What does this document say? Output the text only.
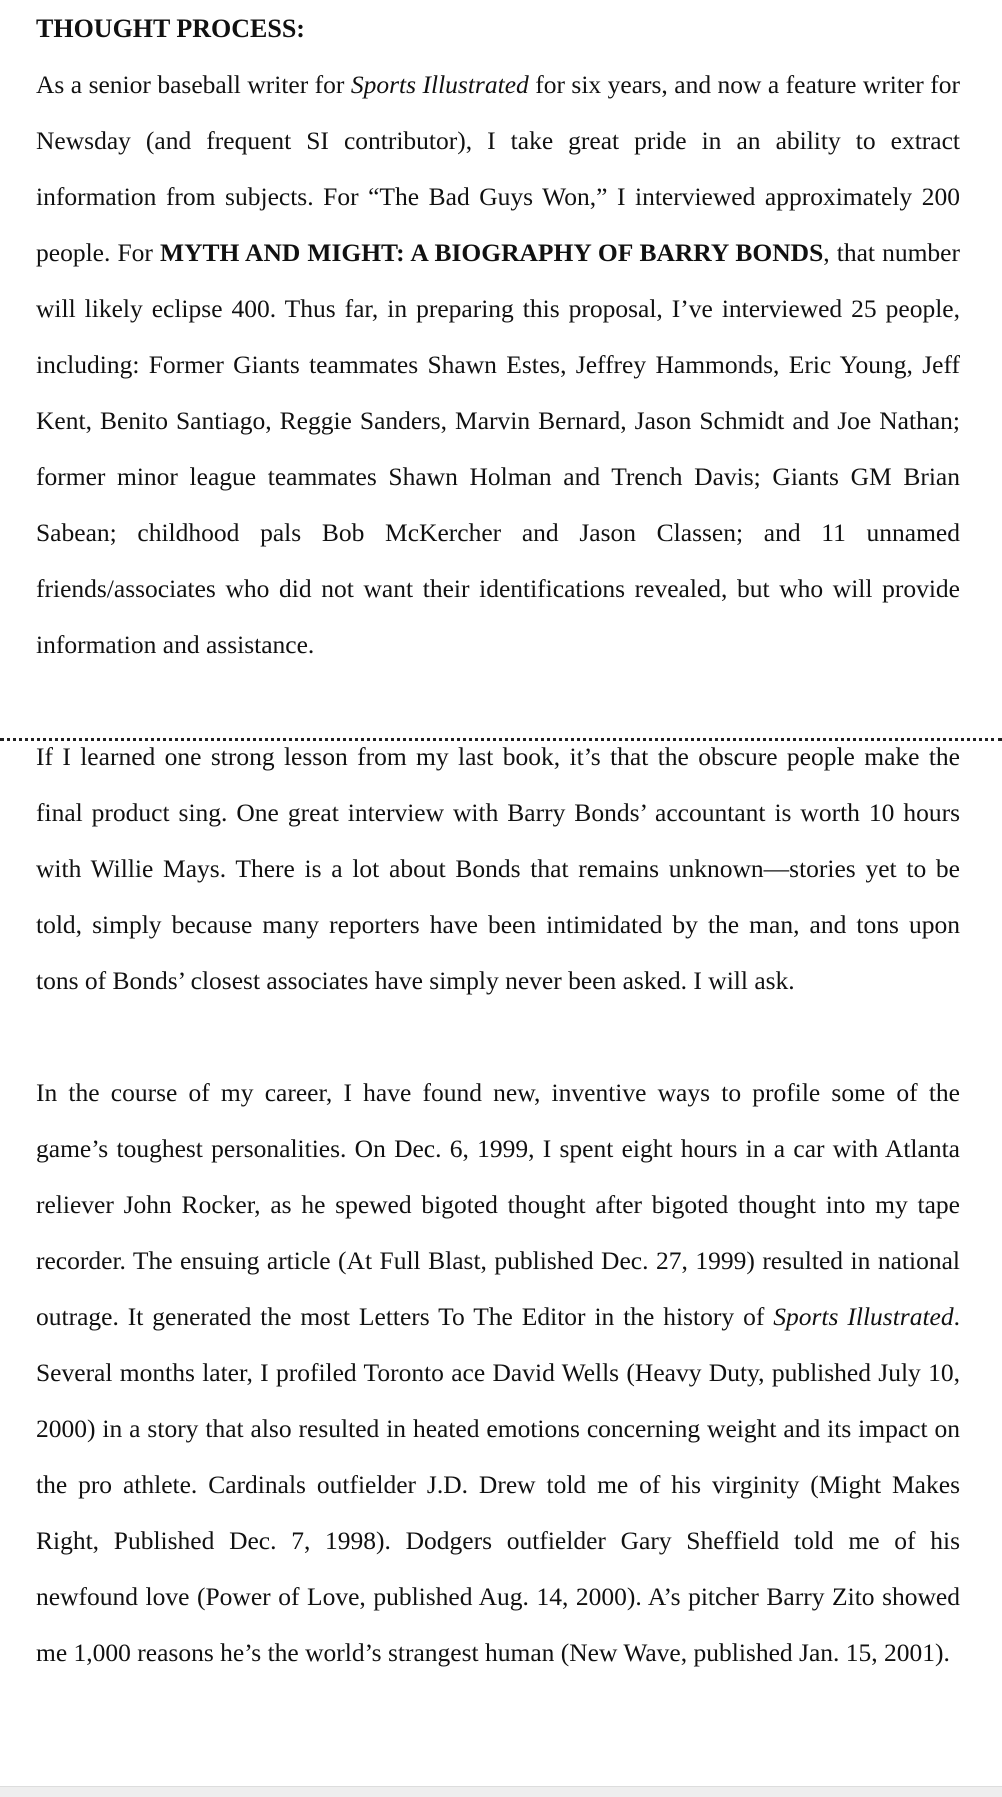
THOUGHT PROCESS:

As a senior baseball writer for Sports Illustrated for six years, and now a feature writer for Newsday (and frequent SI contributor), I take great pride in an ability to extract information from subjects. For “The Bad Guys Won,” I interviewed approximately 200 people. For MYTH AND MIGHT: A BIOGRAPHY OF BARRY BONDS, that number will likely eclipse 400. Thus far, in preparing this proposal, I’ve interviewed 25 people, including: Former Giants teammates Shawn Estes, Jeffrey Hammonds, Eric Young, Jeff Kent, Benito Santiago, Reggie Sanders, Marvin Bernard, Jason Schmidt and Joe Nathan; former minor league teammates Shawn Holman and Trench Davis; Giants GM Brian Sabean; childhood pals Bob McKercher and Jason Classen; and 11 unnamed friends/associates who did not want their identifications revealed, but who will provide information and assistance.

If I learned one strong lesson from my last book, it’s that the obscure people make the final product sing. One great interview with Barry Bonds’ accountant is worth 10 hours with Willie Mays. There is a lot about Bonds that remains unknown—stories yet to be told, simply because many reporters have been intimidated by the man, and tons upon tons of Bonds’ closest associates have simply never been asked. I will ask.

In the course of my career, I have found new, inventive ways to profile some of the game’s toughest personalities. On Dec. 6, 1999, I spent eight hours in a car with Atlanta reliever John Rocker, as he spewed bigoted thought after bigoted thought into my tape recorder. The ensuing article (At Full Blast, published Dec. 27, 1999) resulted in national outrage. It generated the most Letters To The Editor in the history of Sports Illustrated. Several months later, I profiled Toronto ace David Wells (Heavy Duty, published July 10, 2000) in a story that also resulted in heated emotions concerning weight and its impact on the pro athlete. Cardinals outfielder J.D. Drew told me of his virginity (Might Makes Right, Published Dec. 7, 1998). Dodgers outfielder Gary Sheffield told me of his newfound love (Power of Love, published Aug. 14, 2000). A’s pitcher Barry Zito showed me 1,000 reasons he’s the world’s strangest human (New Wave, published Jan. 15, 2001).
